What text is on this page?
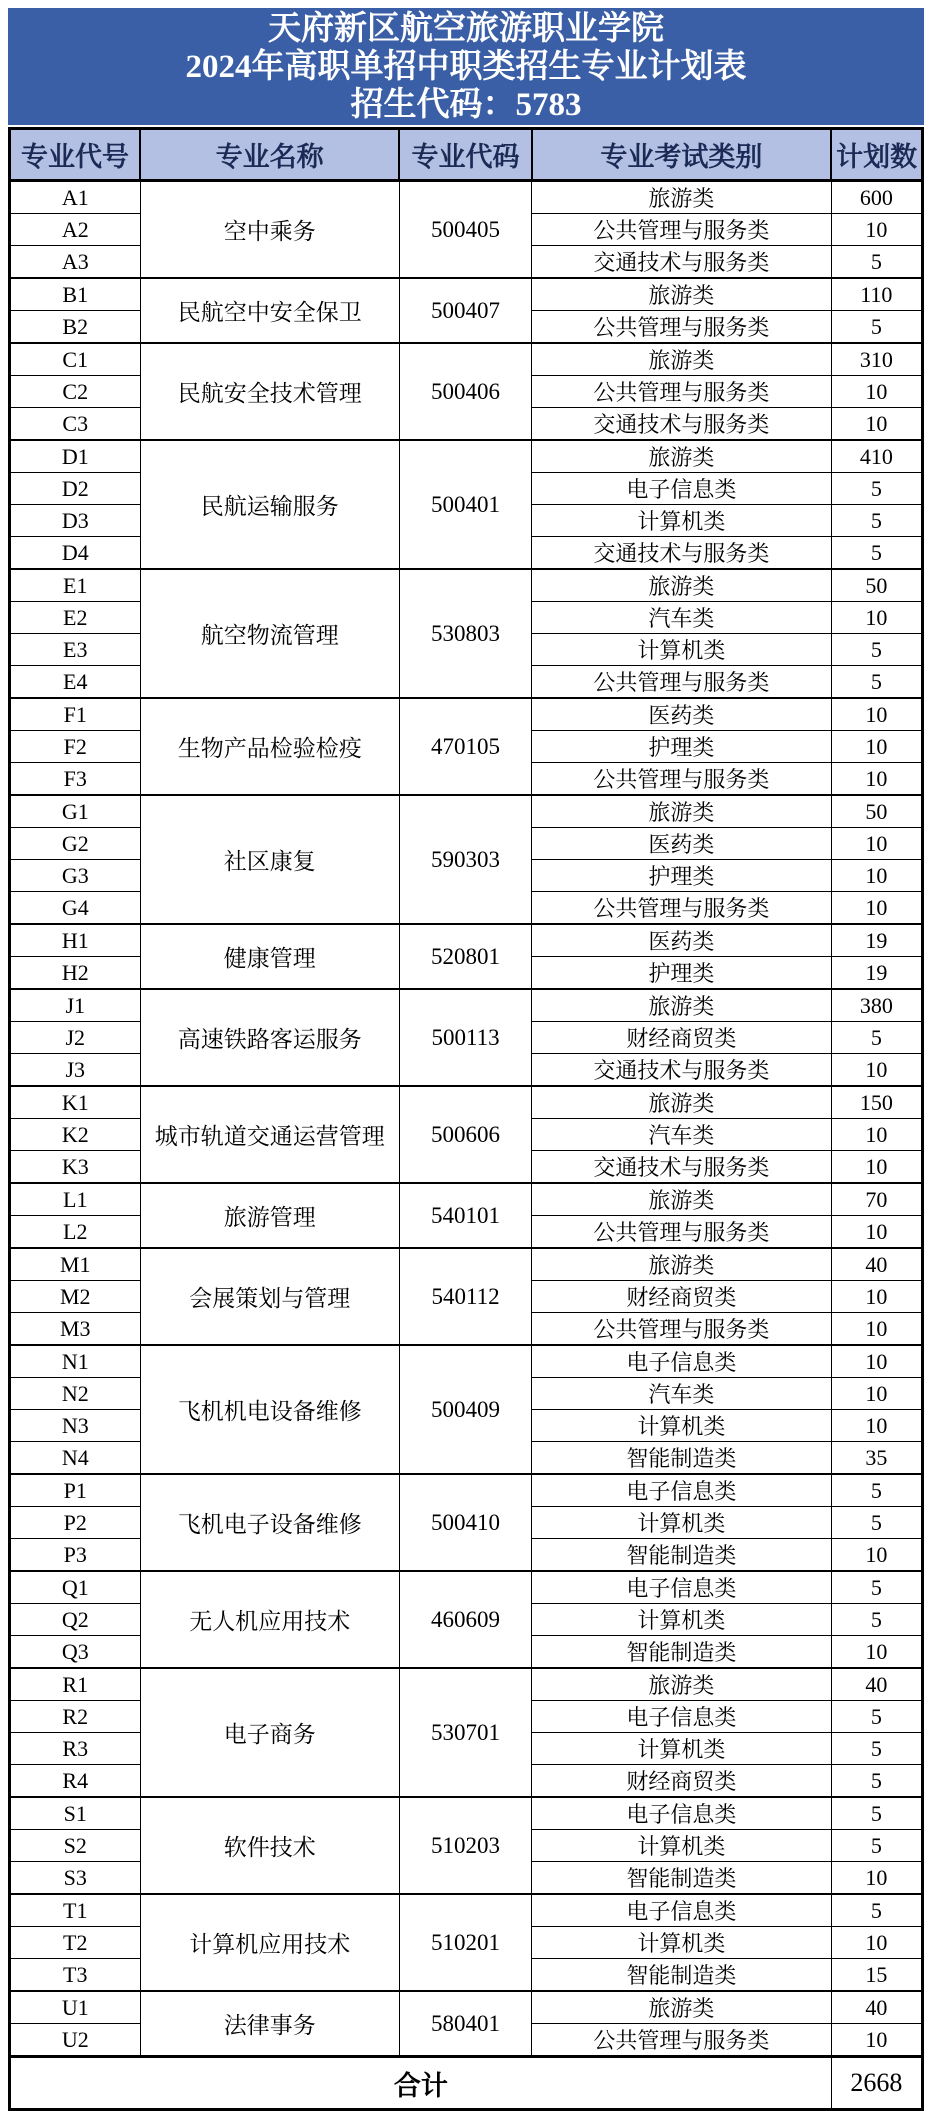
天府新区航空旅游职业学院
2024年高职单招中职类招生专业计划表
招生代码：5783
专业代号	专业名称	专业代码	专业考试类别	计划数
A1	空中乘务	500405	旅游类	600
A2			公共管理与服务类	10
A3			交通技术与服务类	5
B1	民航空中安全保卫	500407	旅游类	110
B2			公共管理与服务类	5
C1	民航安全技术管理	500406	旅游类	310
C2			公共管理与服务类	10
C3			交通技术与服务类	10
D1	民航运输服务	500401	旅游类	410
D2			电子信息类	5
D3			计算机类	5
D4			交通技术与服务类	5
E1	航空物流管理	530803	旅游类	50
E2			汽车类	10
E3			计算机类	5
E4			公共管理与服务类	5
F1	生物产品检验检疫	470105	医药类	10
F2			护理类	10
F3			公共管理与服务类	10
G1	社区康复	590303	旅游类	50
G2			医药类	10
G3			护理类	10
G4			公共管理与服务类	10
H1	健康管理	520801	医药类	19
H2			护理类	19
J1	高速铁路客运服务	500113	旅游类	380
J2			财经商贸类	5
J3			交通技术与服务类	10
K1	城市轨道交通运营管理	500606	旅游类	150
K2			汽车类	10
K3			交通技术与服务类	10
L1	旅游管理	540101	旅游类	70
L2			公共管理与服务类	10
M1	会展策划与管理	540112	旅游类	40
M2			财经商贸类	10
M3			公共管理与服务类	10
N1	飞机机电设备维修	500409	电子信息类	10
N2			汽车类	10
N3			计算机类	10
N4			智能制造类	35
P1	飞机电子设备维修	500410	电子信息类	5
P2			计算机类	5
P3			智能制造类	10
Q1	无人机应用技术	460609	电子信息类	5
Q2			计算机类	5
Q3			智能制造类	10
R1	电子商务	530701	旅游类	40
R2			电子信息类	5
R3			计算机类	5
R4			财经商贸类	5
S1	软件技术	510203	电子信息类	5
S2			计算机类	5
S3			智能制造类	10
T1	计算机应用技术	510201	电子信息类	5
T2			计算机类	10
T3			智能制造类	15
U1	法律事务	580401	旅游类	40
U2			公共管理与服务类	10
合计				2668
